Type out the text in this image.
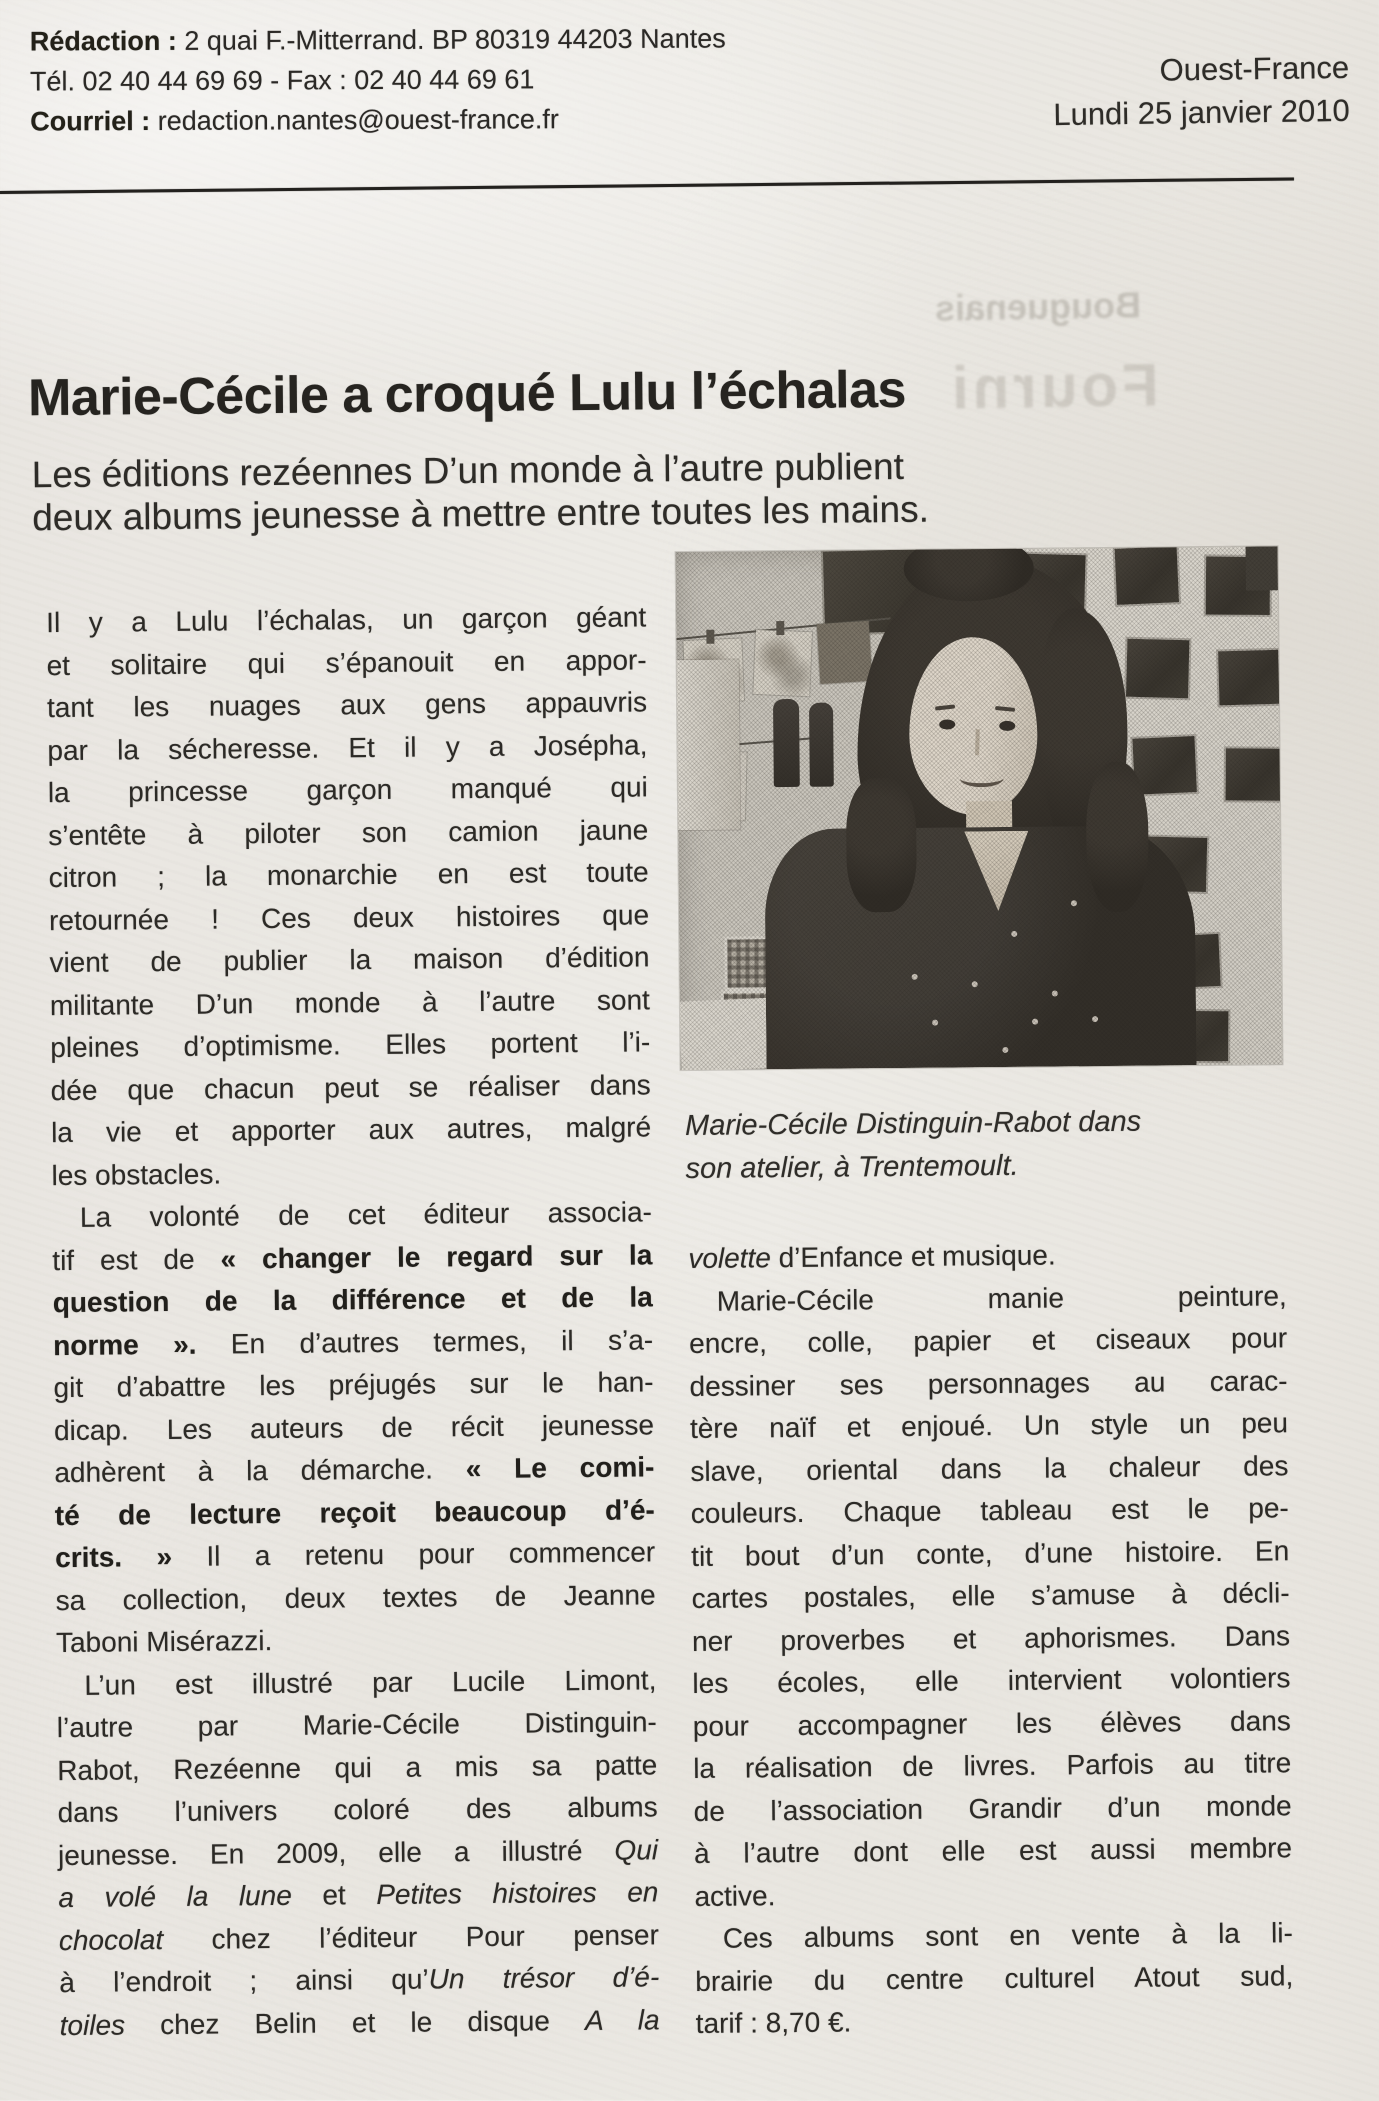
Rédaction : 2 quai F.-Mitterrand. BP 80319 44203 Nantes
Tél. 02 40 44 69 69 - Fax : 02 40 44 69 61
Courriel : redaction.nantes@ouest-france.fr
Ouest-France
Lundi 25 janvier 2010
Bouguenais
Fourni
Marie-Cécile a croqué Lulu l’échalas
Les éditions rezéennes D’un monde à l’autre publient
deux albums jeunesse à mettre entre toutes les mains.
Marie-Cécile Distinguin-Rabot dans
son atelier, à Trentemoult.
Il y a Lulu l’échalas, un garçon géant
et solitaire qui s’épanouit en appor-
tant les nuages aux gens appauvris
par la sécheresse. Et il y a Josépha,
la princesse garçon manqué qui
s’entête à piloter son camion jaune
citron ; la monarchie en est toute
retournée ! Ces deux histoires que
vient de publier la maison d’édition
militante D’un monde à l’autre sont
pleines d’optimisme. Elles portent l’i-
dée que chacun peut se réaliser dans
la vie et apporter aux autres, malgré
les obstacles.
La volonté de cet éditeur associa-
tif est de « changer le regard sur la
question de la différence et de la
norme ». En d’autres termes, il s’a-
git d’abattre les préjugés sur le han-
dicap. Les auteurs de récit jeunesse
adhèrent à la démarche. « Le comi-
té de lecture reçoit beaucoup d’é-
crits. » Il a retenu pour commencer
sa collection, deux textes de Jeanne
Taboni Misérazzi.
L’un est illustré par Lucile Limont,
l’autre par Marie-Cécile Distinguin-
Rabot, Rezéenne qui a mis sa patte
dans l’univers coloré des albums
jeunesse. En 2009, elle a illustré Qui
a volé la lune et Petites histoires en
chocolat chez l’éditeur Pour penser
à l’endroit ; ainsi qu’Un trésor d’é-
toiles chez Belin et le disque A la
volette d’Enfance et musique.
Marie-Cécile manie peinture,
encre, colle, papier et ciseaux pour
dessiner ses personnages au carac-
tère naïf et enjoué. Un style un peu
slave, oriental dans la chaleur des
couleurs. Chaque tableau est le pe-
tit bout d’un conte, d’une histoire. En
cartes postales, elle s’amuse à décli-
ner proverbes et aphorismes. Dans
les écoles, elle intervient volontiers
pour accompagner les élèves dans
la réalisation de livres. Parfois au titre
de l’association Grandir d’un monde
à l’autre dont elle est aussi membre
active.
Ces albums sont en vente à la li-
brairie du centre culturel Atout sud,
tarif : 8,70 €.
